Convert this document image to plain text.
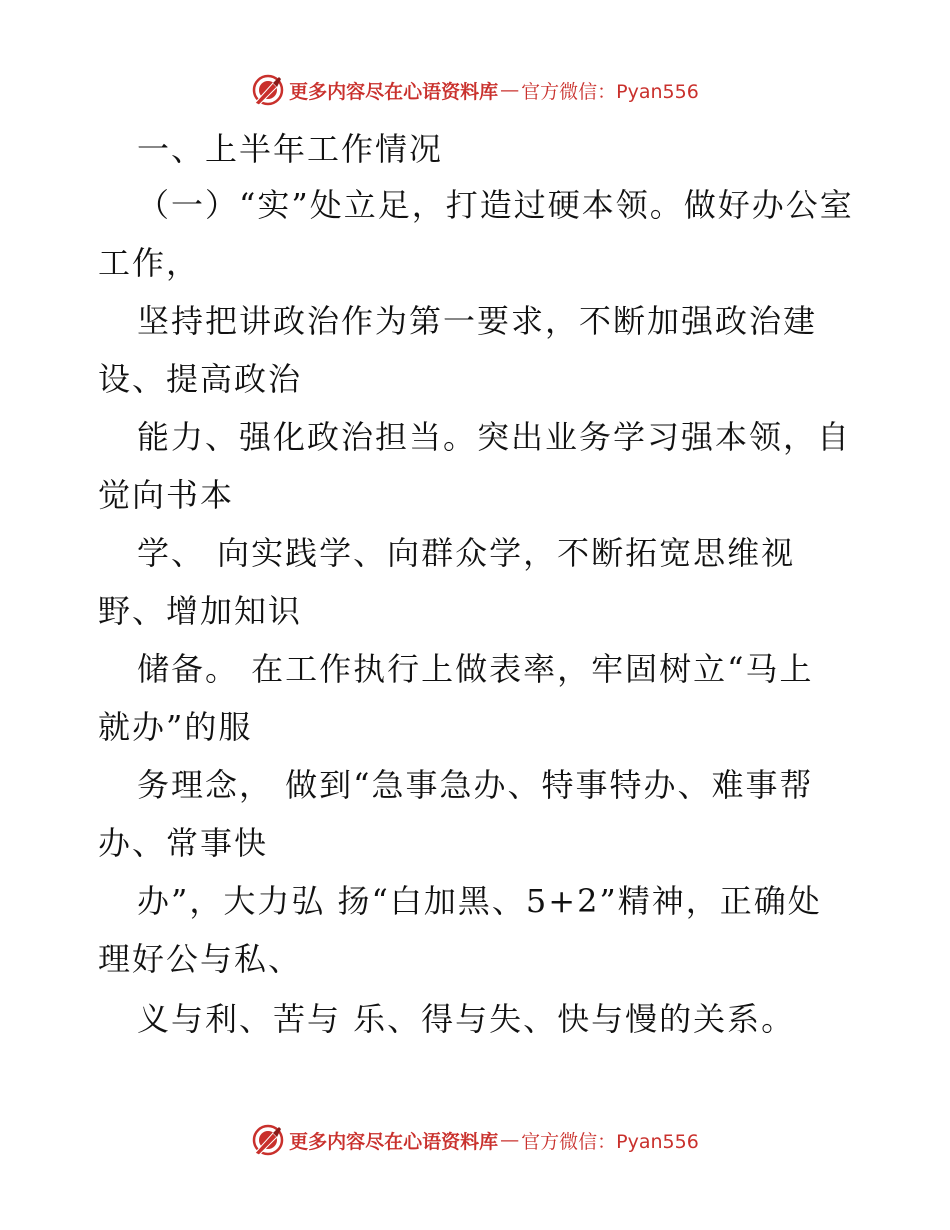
更多内容尽在心语资料库 — 官方微信：Pyan556
一、上半年工作情况
（一）“实”处立足，打造过硬本领。做好办公室
工作，
坚持把讲政治作为第一要求，不断加强政治建
设、提高政治
能力、强化政治担当。突出业务学习强本领，自
觉向书本
学、 向实践学、向群众学，不断拓宽思维视
野、增加知识
储备。 在工作执行上做表率，牢固树立“马上
就办”的服
务理念， 做到“急事急办、特事特办、难事帮
办、常事快
办”，大力弘 扬“白加黑、5+2”精神，正确处
理好公与私、
义与利、苦与 乐、得与失、快与慢的关系。
更多内容尽在心语资料库 — 官方微信：Pyan556
